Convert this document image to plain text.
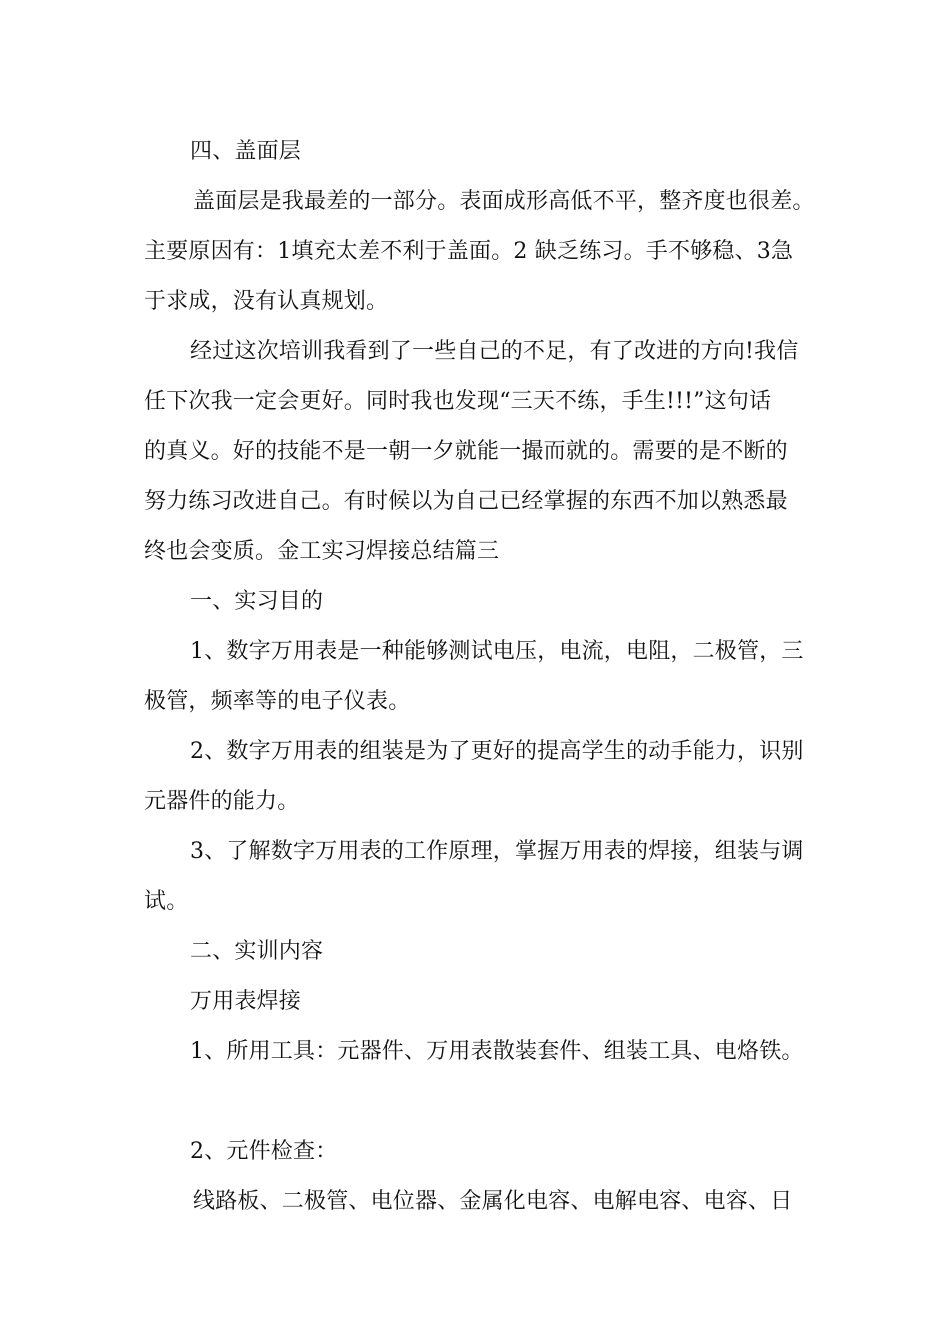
四、盖面层
盖面层是我最差的一部分。表面成形高低不平，整齐度也很差。
主要原因有：1填充太差不利于盖面。2 缺乏练习。手不够稳、3急
于求成，没有认真规划。
经过这次培训我看到了一些自己的不足，有了改进的方向!我信
任下次我一定会更好。同时我也发现“三天不练，手生!!!”这句话
的真义。好的技能不是一朝一夕就能一撮而就的。需要的是不断的
努力练习改进自己。有时候以为自己已经掌握的东西不加以熟悉最
终也会变质。金工实习焊接总结篇三
一、实习目的
1、数字万用表是一种能够测试电压，电流，电阻，二极管，三
极管，频率等的电子仪表。
2、数字万用表的组装是为了更好的提高学生的动手能力，识别
元器件的能力。
3、了解数字万用表的工作原理，掌握万用表的焊接，组装与调
试。
二、实训内容
万用表焊接
1、所用工具：元器件、万用表散装套件、组装工具、电烙铁。
2、元件检查：
线路板、二极管、电位器、金属化电容、电解电容、电容、日
